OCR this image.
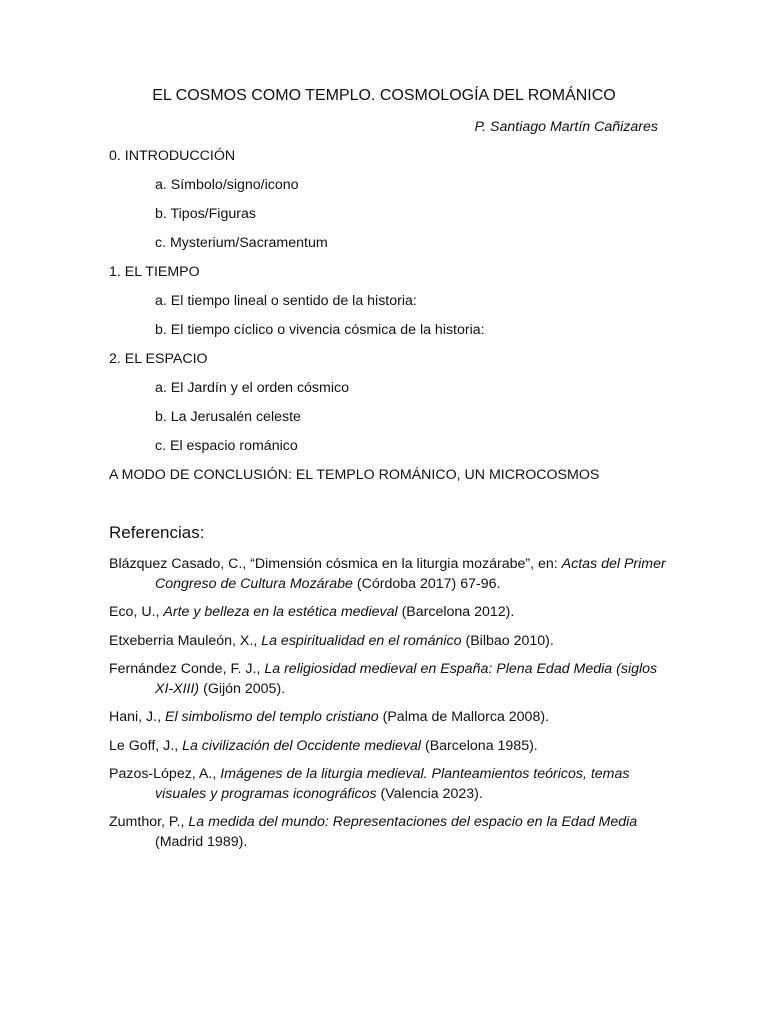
EL COSMOS COMO TEMPLO. COSMOLOGÍA DEL ROMÁNICO
P. Santiago Martín Cañizares
0. INTRODUCCIÓN
a. Símbolo/signo/icono
b. Tipos/Figuras
c. Mysterium/Sacramentum
1. EL TIEMPO
a. El tiempo lineal o sentido de la historia:
b. El tiempo cíclico o vivencia cósmica de la historia:
2. EL ESPACIO
a. El Jardín y el orden cósmico
b. La Jerusalén celeste
c. El espacio románico
A MODO DE CONCLUSIÓN: EL TEMPLO ROMÁNICO, UN MICROCOSMOS
Referencias:
Blázquez Casado, C., “Dimensión cósmica en la liturgia mozárabe”, en: Actas del Primer Congreso de Cultura Mozárabe (Córdoba 2017) 67-96.
Eco, U., Arte y belleza en la estética medieval (Barcelona 2012).
Etxeberria Mauleón, X., La espiritualidad en el románico (Bilbao 2010).
Fernández Conde, F. J., La religiosidad medieval en España: Plena Edad Media (siglos XI-XIII) (Gijón 2005).
Hani, J., El simbolismo del templo cristiano (Palma de Mallorca 2008).
Le Goff, J., La civilización del Occidente medieval (Barcelona 1985).
Pazos-López, A., Imágenes de la liturgia medieval. Planteamientos teóricos, temas visuales y programas iconográficos (Valencia 2023).
Zumthor, P., La medida del mundo: Representaciones del espacio en la Edad Media (Madrid 1989).
